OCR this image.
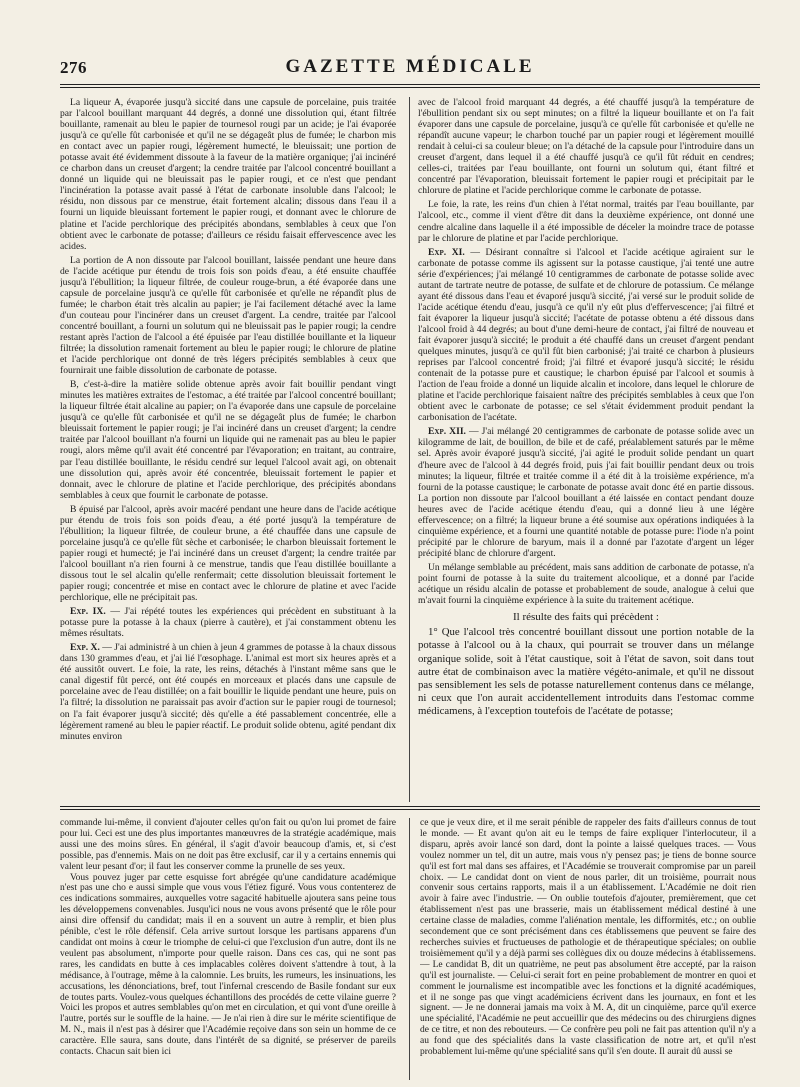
276	GAZETTE MÉDICALE

La liqueur A, évaporée jusqu'à siccité dans une capsule de porcelaine, puis traitée par l'alcool bouillant marquant 44 degrés, a donné une dissolution qui, étant filtrée bouillante, ramenait au bleu le papier de tournesol rougi par un acide; je l'ai évaporée jusqu'à ce qu'elle fût carbonisée et qu'il ne se dégageât plus de fumée; le charbon mis en contact avec un papier rougi, légèrement humecté, le bleuissait; une portion de potasse avait été évidemment dissoute à la faveur de la matière organique; j'ai incinéré ce charbon dans un creuset d'argent; la cendre traitée par l'alcool concentré bouillant a donné un liquide qui ne bleuissait pas le papier rougi, et ce n'est que pendant l'incinération la potasse avait passé à l'état de carbonate insoluble dans l'alcool; le résidu, non dissous par ce menstrue, était fortement alcalin; dissous dans l'eau il a fourni un liquide bleuissant fortement le papier rougi, et donnant avec le chlorure de platine et l'acide perchlorique des précipités abondans, semblables à ceux que l'on obtient avec le carbonate de potasse; d'ailleurs ce résidu faisait effervescence avec les acides.

La portion de A non dissoute par l'alcool bouillant, laissée pendant une heure dans de l'acide acétique pur étendu de trois fois son poids d'eau, a été ensuite chauffée jusqu'à l'ébullition; la liqueur filtrée, de couleur rouge-brun, a été évaporée dans une capsule de porcelaine jusqu'à ce qu'elle fût carbonisée et qu'elle ne répandît plus de fumée; le charbon était très alcalin au papier; je l'ai facilement détaché avec la lame d'un couteau pour l'incinérer dans un creuset d'argent. La cendre, traitée par l'alcool concentré bouillant, a fourni un solutum qui ne bleuissait pas le papier rougi; la cendre restant après l'action de l'alcool a été épuisée par l'eau distillée bouillante et la liqueur filtrée; la dissolution ramenait fortement au bleu le papier rougi; le chlorure de platine et l'acide perchlorique ont donné de très légers précipités semblables à ceux que fournirait une faible dissolution de carbonate de potasse.

B, c'est-à-dire la matière solide obtenue après avoir fait bouillir pendant vingt minutes les matières extraites de l'estomac, a été traitée par l'alcool concentré bouillant; la liqueur filtrée était alcaline au papier; on l'a évaporée dans une capsule de porcelaine jusqu'à ce qu'elle fût carbonisée et qu'il ne se dégageât plus de fumée; le charbon bleuissait fortement le papier rougi; je l'ai incinéré dans un creuset d'argent; la cendre traitée par l'alcool bouillant n'a fourni un liquide qui ne ramenait pas au bleu le papier rougi, alors même qu'il avait été concentré par l'évaporation; en traitant, au contraire, par l'eau distillée bouillante, le résidu cendré sur lequel l'alcool avait agi, on obtenait une dissolution qui, après avoir été concentrée, bleuissait fortement le papier et donnait, avec le chlorure de platine et l'acide perchlorique, des précipités abondans semblables à ceux que fournit le carbonate de potasse.

B épuisé par l'alcool, après avoir macéré pendant une heure dans de l'acide acétique pur étendu de trois fois son poids d'eau, a été porté jusqu'à la température de l'ébullition; la liqueur filtrée, de couleur brune, a été chauffée dans une capsule de porcelaine jusqu'à ce qu'elle fût sèche et carbonisée; le charbon bleuissait fortement le papier rougi et humecté; je l'ai incinéré dans un creuset d'argent; la cendre traitée par l'alcool bouillant n'a rien fourni à ce menstrue, tandis que l'eau distillée bouillante a dissous tout le sel alcalin qu'elle renfermait; cette dissolution bleuissait fortement le papier rougi; concentrée et mise en contact avec le chlorure de platine et avec l'acide perchlorique, elle ne précipitait pas.

Exp. IX. — J'ai répété toutes les expériences qui précèdent en substituant à la potasse pure la potasse à la chaux (pierre à cautère), et j'ai constamment obtenu les mêmes résultats.

Exp. X. — J'ai administré à un chien à jeun 4 grammes de potasse à la chaux dissous dans 130 grammes d'eau, et j'ai lié l'œsophage. L'animal est mort six heures après et a été aussitôt ouvert. Le foie, la rate, les reins, détachés à l'instant même sans que le canal digestif fût percé, ont été coupés en morceaux et placés dans une capsule de porcelaine avec de l'eau distillée; on a fait bouillir le liquide pendant une heure, puis on l'a filtré; la dissolution ne paraissait pas avoir d'action sur le papier rougi de tournesol; on l'a fait évaporer jusqu'à siccité; dès qu'elle a été passablement concentrée, elle a légèrement ramené au bleu le papier réactif. Le produit solide obtenu, agité pendant dix minutes environ

avec de l'alcool froid marquant 44 degrés, a été chauffé jusqu'à la température de l'ébullition pendant six ou sept minutes; on a filtré la liqueur bouillante et on l'a fait évaporer dans une capsule de porcelaine, jusqu'à ce qu'elle fût carbonisée et qu'elle ne répandît aucune vapeur; le charbon touché par un papier rougi et légèrement mouillé rendait à celui-ci sa couleur bleue; on l'a détaché de la capsule pour l'introduire dans un creuset d'argent, dans lequel il a été chauffé jusqu'à ce qu'il fût réduit en cendres; celles-ci, traitées par l'eau bouillante, ont fourni un solutum qui, étant filtré et concentré par l'évaporation, bleuissait fortement le papier rougi et précipitait par le chlorure de platine et l'acide perchlorique comme le carbonate de potasse.

Le foie, la rate, les reins d'un chien à l'état normal, traités par l'eau bouillante, par l'alcool, etc., comme il vient d'être dit dans la deuxième expérience, ont donné une cendre alcaline dans laquelle il a été impossible de déceler la moindre trace de potasse par le chlorure de platine et par l'acide perchlorique.

Exp. XI. — Désirant connaître si l'alcool et l'acide acétique agiraient sur le carbonate de potasse comme ils agissent sur la potasse caustique, j'ai tenté une autre série d'expériences; j'ai mélangé 10 centigrammes de carbonate de potasse solide avec autant de tartrate neutre de potasse, de sulfate et de chlorure de potassium. Ce mélange ayant été dissous dans l'eau et évaporé jusqu'à siccité, j'ai versé sur le produit solide de l'acide acétique étendu d'eau, jusqu'à ce qu'il n'y eût plus d'effervescence; j'ai filtré et fait évaporer la liqueur jusqu'à siccité; l'acétate de potasse obtenu a été dissous dans l'alcool froid à 44 degrés; au bout d'une demi-heure de contact, j'ai filtré de nouveau et fait évaporer jusqu'à siccité; le produit a été chauffé dans un creuset d'argent pendant quelques minutes, jusqu'à ce qu'il fût bien carbonisé; j'ai traité ce charbon à plusieurs reprises par l'alcool concentré froid; j'ai filtré et évaporé jusqu'à siccité; le résidu contenait de la potasse pure et caustique; le charbon épuisé par l'alcool et soumis à l'action de l'eau froide a donné un liquide alcalin et incolore, dans lequel le chlorure de platine et l'acide perchlorique faisaient naître des précipités semblables à ceux que l'on obtient avec le carbonate de potasse; ce sel s'était évidemment produit pendant la carbonisation de l'acétate.

Exp. XII. — J'ai mélangé 20 centigrammes de carbonate de potasse solide avec un kilogramme de lait, de bouillon, de bile et de café, préalablement saturés par le même sel. Après avoir évaporé jusqu'à siccité, j'ai agité le produit solide pendant un quart d'heure avec de l'alcool à 44 degrés froid, puis j'ai fait bouillir pendant deux ou trois minutes; la liqueur, filtrée et traitée comme il a été dit à la troisième expérience, m'a fourni de la potasse caustique; le carbonate de potasse avait donc été en partie dissous. La portion non dissoute par l'alcool bouillant a été laissée en contact pendant douze heures avec de l'acide acétique étendu d'eau, qui a donné lieu à une légère effervescence; on a filtré; la liqueur brune a été soumise aux opérations indiquées à la cinquième expérience, et a fourni une quantité notable de potasse pure: l'iode n'a point précipité par le chlorure de baryum, mais il a donné par l'azotate d'argent un léger précipité blanc de chlorure d'argent.

Un mélange semblable au précédent, mais sans addition de carbonate de potasse, n'a point fourni de potasse à la suite du traitement alcoolique, et a donné par l'acide acétique un résidu alcalin de potasse et probablement de soude, analogue à celui que m'avait fourni la cinquième expérience à la suite du traitement acétique.

Il résulte des faits qui précèdent :

1° Que l'alcool très concentré bouillant dissout une portion notable de la potasse à l'alcool ou à la chaux, qui pourrait se trouver dans un mélange organique solide, soit à l'état caustique, soit à l'état de savon, soit dans tout autre état de combinaison avec la matière végéto-animale, et qu'il ne dissout pas sensiblement les sels de potasse naturellement contenus dans ce mélange, ni ceux que l'on aurait accidentellement introduits dans l'estomac comme médicamens, à l'exception toutefois de l'acétate de potasse;

commande lui-même, il convient d'ajouter celles qu'on fait ou qu'on lui promet de faire pour lui. Ceci est une des plus importantes manœuvres de la stratégie académique, mais aussi une des moins sûres. En général, il s'agit d'avoir beaucoup d'amis, et, si c'est possible, pas d'ennemis. Mais on ne doit pas être exclusif, car il y a certains ennemis qui valent leur pesant d'or; il faut les conserver comme la prunelle de ses yeux.

Vous pouvez juger par cette esquisse fort abrégée qu'une candidature académique n'est pas une cho e aussi simple que vous vous l'étiez figuré. Vous vous contenterez de ces indications sommaires, auxquelles votre sagacité habituelle ajoutera sans peine tous les développemens convenables. Jusqu'ici nous ne vous avons présenté que le rôle pour ainsi dire offensif du candidat; mais il en a souvent un autre à remplir, et bien plus pénible, c'est le rôle défensif. Cela arrive surtout lorsque les partisans apparens d'un candidat ont moins à cœur le triomphe de celui-ci que l'exclusion d'un autre, dont ils ne veulent pas absolument, n'importe pour quelle raison. Dans ces cas, qui ne sont pas rares, les candidats en butte à ces implacables colères doivent s'attendre à tout, à la médisance, à l'outrage, même à la calomnie. Les bruits, les rumeurs, les insinuations, les accusations, les dénonciations, bref, tout l'infernal crescendo de Basile fondant sur eux de toutes parts. Voulez-vous quelques échantillons des procédés de cette vilaine guerre ? Voici les propos et autres semblables qu'on met en circulation, et qui vont d'une oreille à l'autre, portés sur le souffle de la haine. — Je n'ai rien à dire sur le mérite scientifique de M. N., mais il n'est pas à désirer que l'Académie reçoive dans son sein un homme de ce caractère. Elle saura, sans doute, dans l'intérêt de sa dignité, se préserver de pareils contacts. Chacun sait bien ici

ce que je veux dire, et il me serait pénible de rappeler des faits d'ailleurs connus de tout le monde. — Et avant qu'on ait eu le temps de faire expliquer l'interlocuteur, il a disparu, après avoir lancé son dard, dont la pointe a laissé quelques traces. — Vous voulez nommer un tel, dit un autre, mais vous n'y pensez pas; je tiens de bonne source qu'il est fort mal dans ses affaires, et l'Académie se trouverait compromise par un pareil choix. — Le candidat dont on vient de nous parler, dit un troisième, pourrait nous convenir sous certains rapports, mais il a un établissement. L'Académie ne doit rien avoir à faire avec l'industrie. — On oublie toutefois d'ajouter, premièrement, que cet établissement n'est pas une brasserie, mais un établissement médical destiné à une certaine classe de maladies, comme l'aliénation mentale, les difformités, etc.; on oublie secondement que ce sont précisément dans ces établissemens que peuvent se faire des recherches suivies et fructueuses de pathologie et de thérapeutique spéciales; on oublie troisièmement qu'il y a déjà parmi ses collègues dix ou douze médecins à établissemens. — Le candidat B, dit un quatrième, ne peut pas absolument être accepté, par la raison qu'il est journaliste. — Celui-ci serait fort en peine probablement de montrer en quoi et comment le journalisme est incompatible avec les fonctions et la dignité académiques, et il ne songe pas que vingt académiciens écrivent dans les journaux, en font et les signent. — Je ne donnerai jamais ma voix à M. A, dit un cinquième, parce qu'il exerce une spécialité, l'Académie ne peut accueillir que des médecins ou des chirurgiens dignes de ce titre, et non des rebouteurs. — Ce confrère peu poli ne fait pas attention qu'il n'y a au fond que des spécialités dans la vaste classification de notre art, et qu'il n'est probablement lui-même qu'une spécialité sans qu'il s'en doute. Il aurait dû aussi se
